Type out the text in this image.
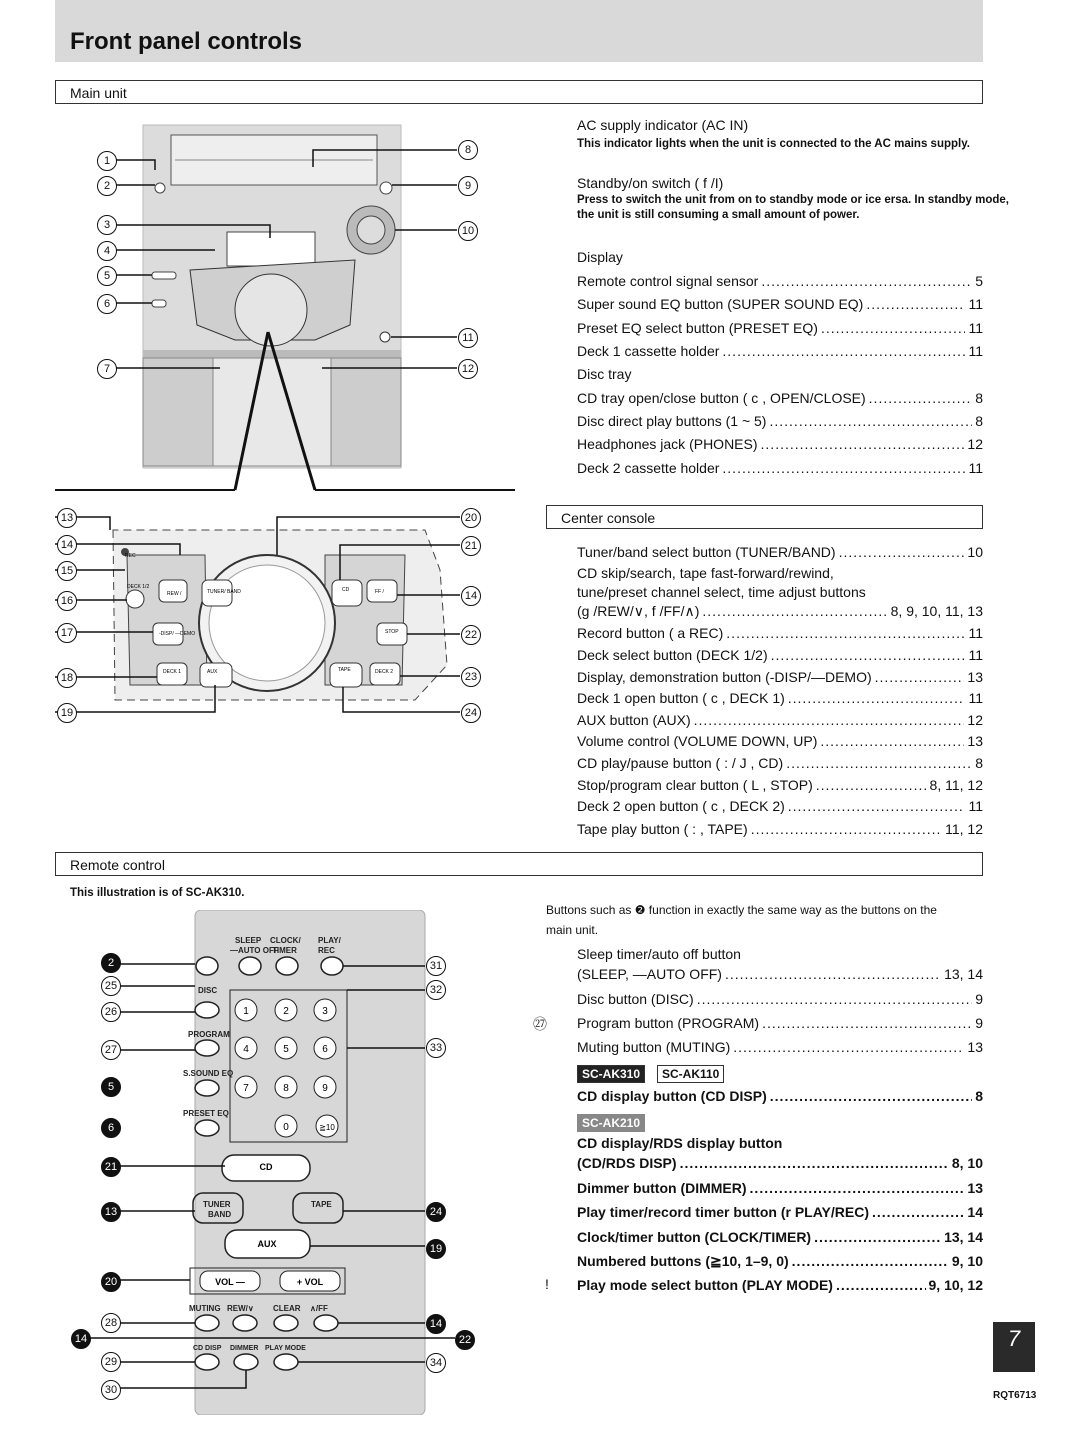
Front panel controls
Main unit
1
2
3
4
5
6
7
8
9
10
11
12
AC supply indicator (AC IN)
This indicator lights when the unit is connected to the AC mains supply.
Standby/on switch ( f /I)
Press to switch the unit from on to standby mode or ice ersa. In standby mode, the unit is still consuming a small amount of power.
Display
Remote control signal sensor .....	5
Super sound EQ button (SUPER SOUND EQ) .....	11
Preset EQ select button (PRESET EQ) .....	11
Deck 1 cassette holder .....	11
Disc tray
CD tray open/close button ( c , OPEN/CLOSE) .....	8
Disc direct play buttons (1 ~ 5) .....	8
Headphones jack (PHONES) .....	12
Deck 2 cassette holder .....	11
Center console
REC
DECK 1/2
REW /	TUNER/ BAND	CD	FF /
-DISP/ —DEMO	STOP
DECK 1	AUX	TAPE	DECK 2
13
14
15
16
17
18
19
20
21
14
22
23
24
Tuner/band select button (TUNER/BAND) .....	10
CD skip/search, tape fast-forward/rewind,
tune/preset channel select, time adjust buttons
(g /REW/∨, f /FF/∧) .....	8, 9, 10, 11, 13
Record button ( a REC) .....	11
Deck select button (DECK 1/2) .....	11
Display, demonstration button (-DISP/—DEMO) .....	13
Deck 1 open button ( c , DECK 1) .....	11
AUX button (AUX) .....	12
Volume control (VOLUME DOWN, UP) .....	13
CD play/pause button ( : / J , CD) .....	8
Stop/program clear button ( L , STOP) .....	8, 11, 12
Deck 2 open button ( c , DECK 2) .....	11
Tape play button ( : , TAPE) .....	11, 12
Remote control
This illustration is of SC-AK310.
Buttons such as ❷ function in exactly the same way as the buttons on the main unit.
SLEEP
—AUTO OFF
CLOCK/
TIMER
PLAY/
REC
DISC
PROGRAM
S.SOUND EQ
PRESET EQ
TUNER
BAND
TAPE
MUTING REW/∨ CLEAR ∧/FF
CD DISP DIMMER PLAY MODE
1	2	3
4	5	6
7	8	9
0	≧10
CD
AUX
VOL —	+ VOL
2
25
26
27
5
6
21
13
20
28
14
29
30
31
32
33
24
19
14
22
34
Sleep timer/auto off button
(SLEEP, —AUTO OFF) .....	13, 14
㉗
Disc button (DISC) .....	9
Program button (PROGRAM) .....	9
Muting button (MUTING) .....	13
SC-AK310	SC-AK110
CD display button (CD DISP) .....	8
SC-AK210
CD display/RDS display button
(CD/RDS DISP) .....	8, 10
Dimmer button (DIMMER) .....	13
Play timer/record timer button (r PLAY/REC) .....	14
Clock/timer button (CLOCK/TIMER) .....	13, 14
Numbered buttons (≧10, 1–9, 0) .....	9, 10
Play mode select button (PLAY MODE) .....	9, 10, 12
!
7
RQT6713
